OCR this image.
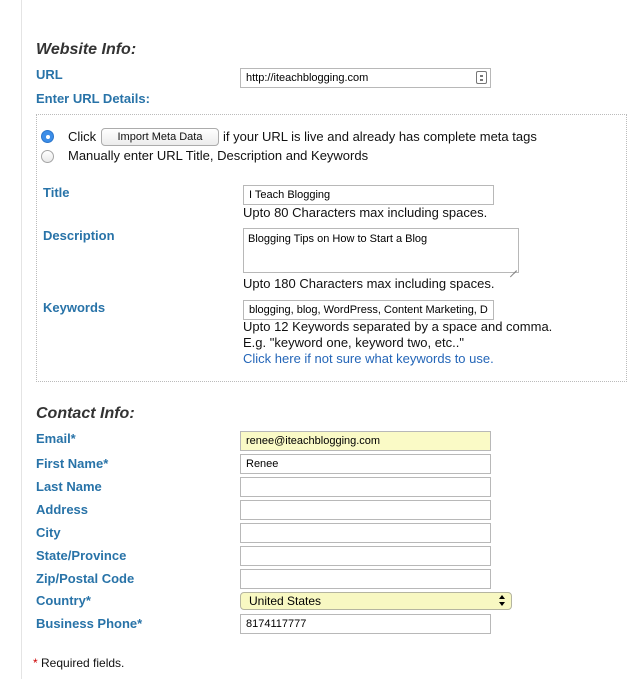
Website Info:
URL	http://iteachblogging.com
Enter URL Details:
Click	Import Meta Data	if your URL is live and already has complete meta tags
Manually enter URL Title, Description and Keywords
Title	I Teach Blogging
Upto 80 Characters max including spaces.
Description	Blogging Tips on How to Start a Blog
Upto 180 Characters max including spaces.
Keywords	blogging, blog, WordPress, Content Marketing, D
Upto 12 Keywords separated by a space and comma.
E.g. "keyword one, keyword two, etc.."
Click here if not sure what keywords to use.
Contact Info:
Email*	renee@iteachblogging.com
First Name*	Renee
Last Name
Address
City
State/Province
Zip/Postal Code
Country*	United States
Business Phone*	8174117777
* Required fields.
